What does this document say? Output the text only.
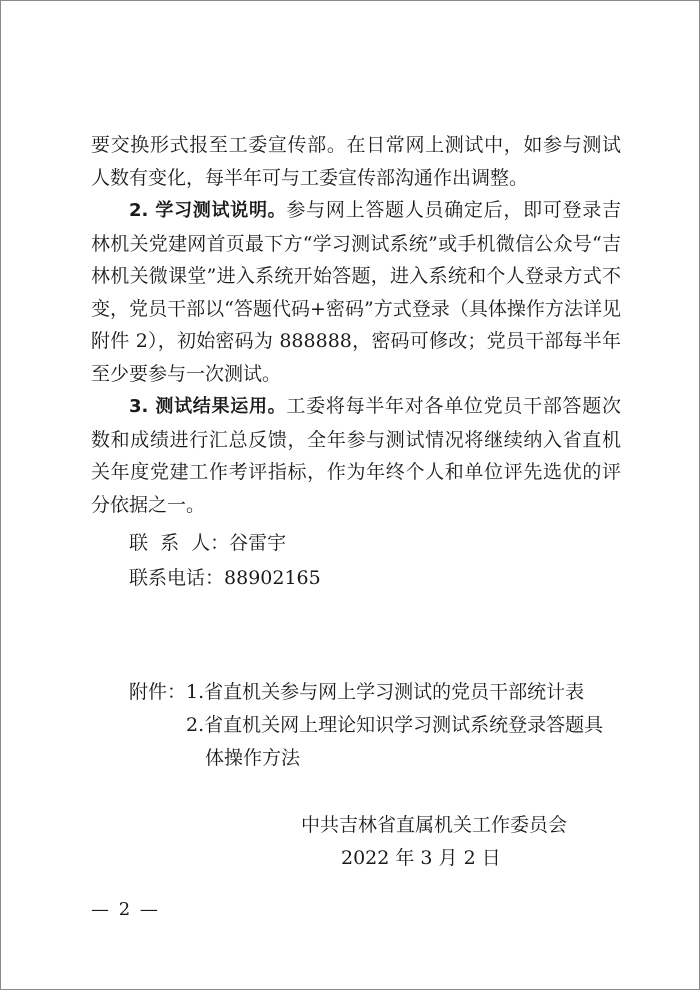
要交换形式报至工委宣传部。在日常网上测试中，如参与测试人数有变化，每半年可与工委宣传部沟通作出调整。

2. 学习测试说明。参与网上答题人员确定后，即可登录吉林机关党建网首页最下方“学习测试系统”或手机微信公众号“吉林机关微课堂”进入系统开始答题，进入系统和个人登录方式不变，党员干部以“答题代码+密码”方式登录（具体操作方法详见附件 2），初始密码为 888888，密码可修改；党员干部每半年至少要参与一次测试。

3. 测试结果运用。工委将每半年对各单位党员干部答题次数和成绩进行汇总反馈，全年参与测试情况将继续纳入省直机关年度党建工作考评指标，作为年终个人和单位评先选优的评分依据之一。

联  系  人：谷雷宇
联系电话：88902165
附件： 1.省直机关参与网上学习测试的党员干部统计表
2.省直机关网上理论知识学习测试系统登录答题具
体操作方法
中共吉林省直属机关工作委员会
2022 年 3 月 2 日
— 2 —
